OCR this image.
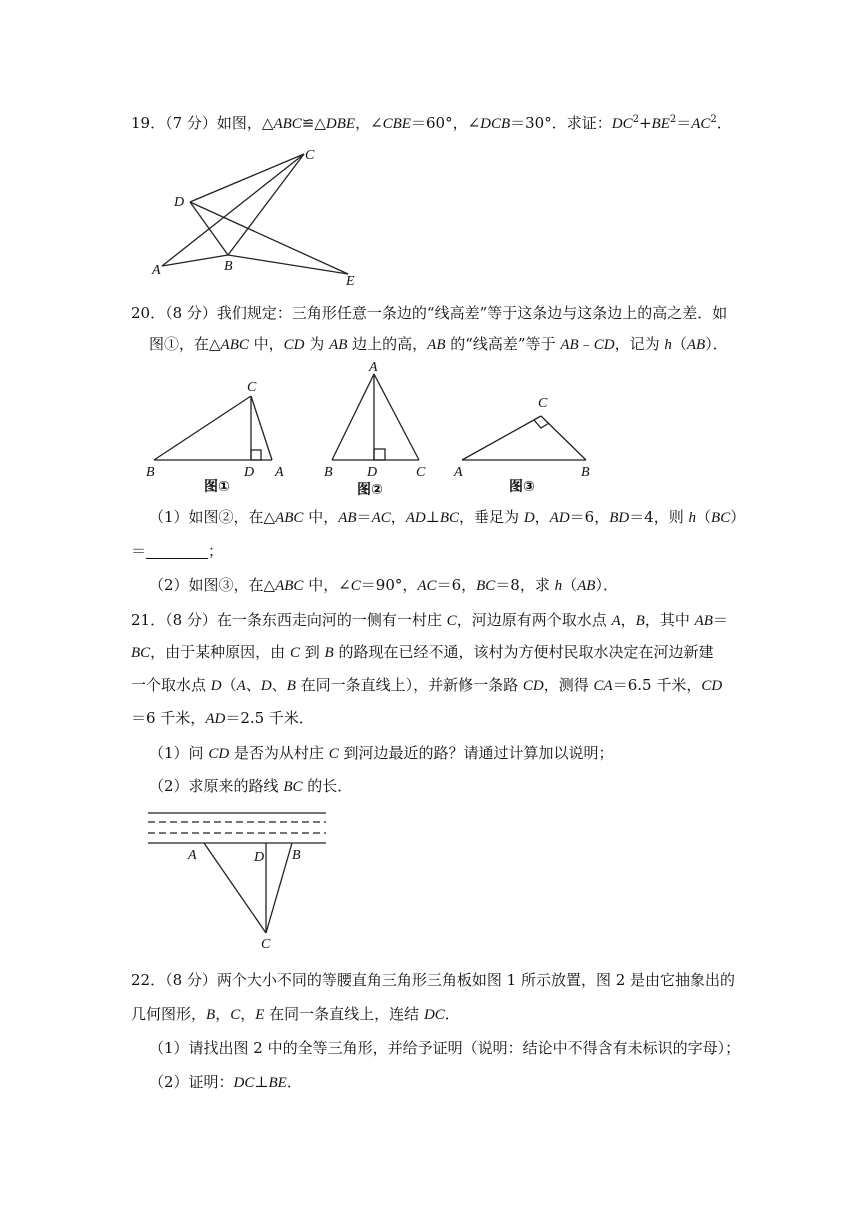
19．（7 分）如图，△ABC≌△DBE，∠CBE＝60°，∠DCB＝30°．求证：$DC^2+BE^2=AC^2$．
C
D
A	B
E
20．（8 分）我们规定：三角形任意一条边的“线高差”等于这条边与这条边上的高之差．如
图①，在△ABC 中，CD 为 AB 边上的高，AB 的“线高差”等于 AB﹣CD，记为 h（AB）．
C
B	D A
图①
A
B D	C
图②
C
A	B
图③
（1）如图②，在△ABC 中，AB＝AC，AD⊥BC，垂足为 D，AD＝6，BD＝4，则 h（BC）
＝	；
（2）如图③，在△ABC 中，∠C＝90°，AC＝6，BC＝8，求 h（AB）．
21．（8 分）在一条东西走向河的一侧有一村庄 C，河边原有两个取水点 A，B，其中 AB＝
BC，由于某种原因，由 C 到 B 的路现在已经不通，该村为方便村民取水决定在河边新建
一个取水点 D（A、D、B 在同一条直线上），并新修一条路 CD，测得 CA＝6.5 千米，CD
＝6 千米，AD＝2.5 千米．
（1）问 CD 是否为从村庄 C 到河边最近的路？请通过计算加以说明；
（2）求原来的路线 BC 的长．
A	D B
C
22．（8 分）两个大小不同的等腰直角三角形三角板如图 1 所示放置，图 2 是由它抽象出的
几何图形，B，C，E 在同一条直线上，连结 DC．
（1）请找出图 2 中的全等三角形，并给予证明（说明：结论中不得含有未标识的字母）；
（2）证明：DC⊥BE．
